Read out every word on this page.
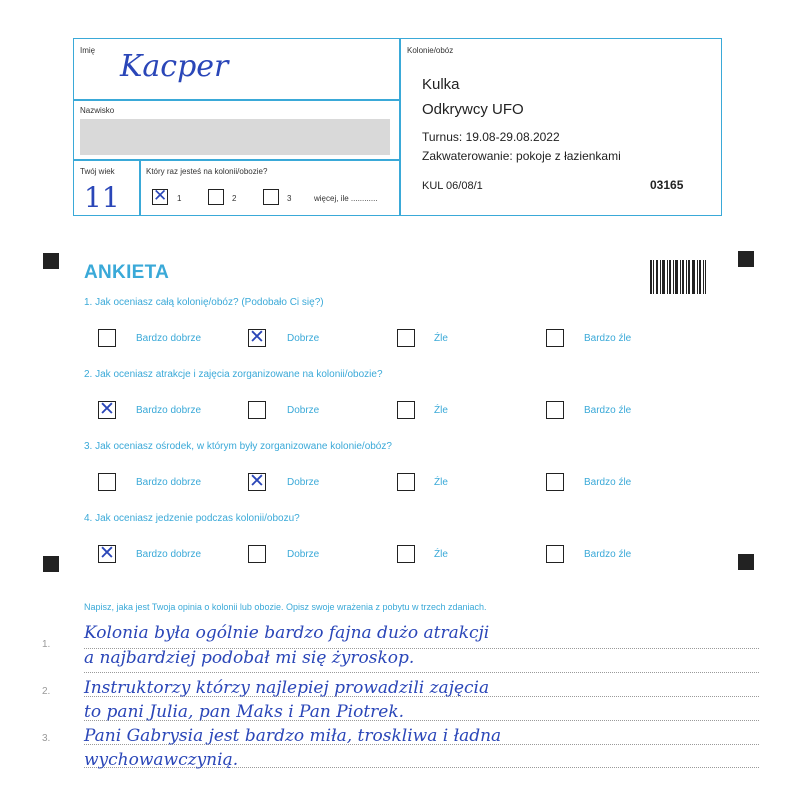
Imię Kacper
Nazwisko
Twój wiek
11
Który raz jesteś na kolonii/obozie?
✕
1	2	3	więcej, ile ............
Kolonie/obóz
Kulka
Odkrywcy UFO
Turnus: 19.08-29.08.2022
Zakwaterowanie: pokoje z łazienkami
KUL 06/08/1	03165
ANKIETA
1. Jak oceniasz całą kolonię/obóz? (Podobało Ci się?)
Bardzo dobrze ✕	Dobrze	Źle	Bardzo źle
2. Jak oceniasz atrakcje i zajęcia zorganizowane na kolonii/obozie?
✕
Bardzo dobrze	Dobrze	Źle	Bardzo źle
3. Jak oceniasz ośrodek, w którym były zorganizowane kolonie/obóz?
Bardzo dobrze ✕	Dobrze	Źle	Bardzo źle
4. Jak oceniasz jedzenie podczas kolonii/obozu?
✕
Bardzo dobrze	Dobrze	Źle	Bardzo źle
Napisz, jaka jest Twoja opinia o kolonii lub obozie. Opisz swoje wrażenia z pobytu w trzech zdaniach.
1.
2.
3.
Kolonia była ogólnie bardzo fajna dużo atrakcji
a najbardziej podobał mi się żyroskop.
Instruktorzy którzy najlepiej prowadzili zajęcia
to pani Julia, pan Maks i Pan Piotrek.
Pani Gabrysia jest bardzo miła, troskliwa i ładna
wychowawczynią.
